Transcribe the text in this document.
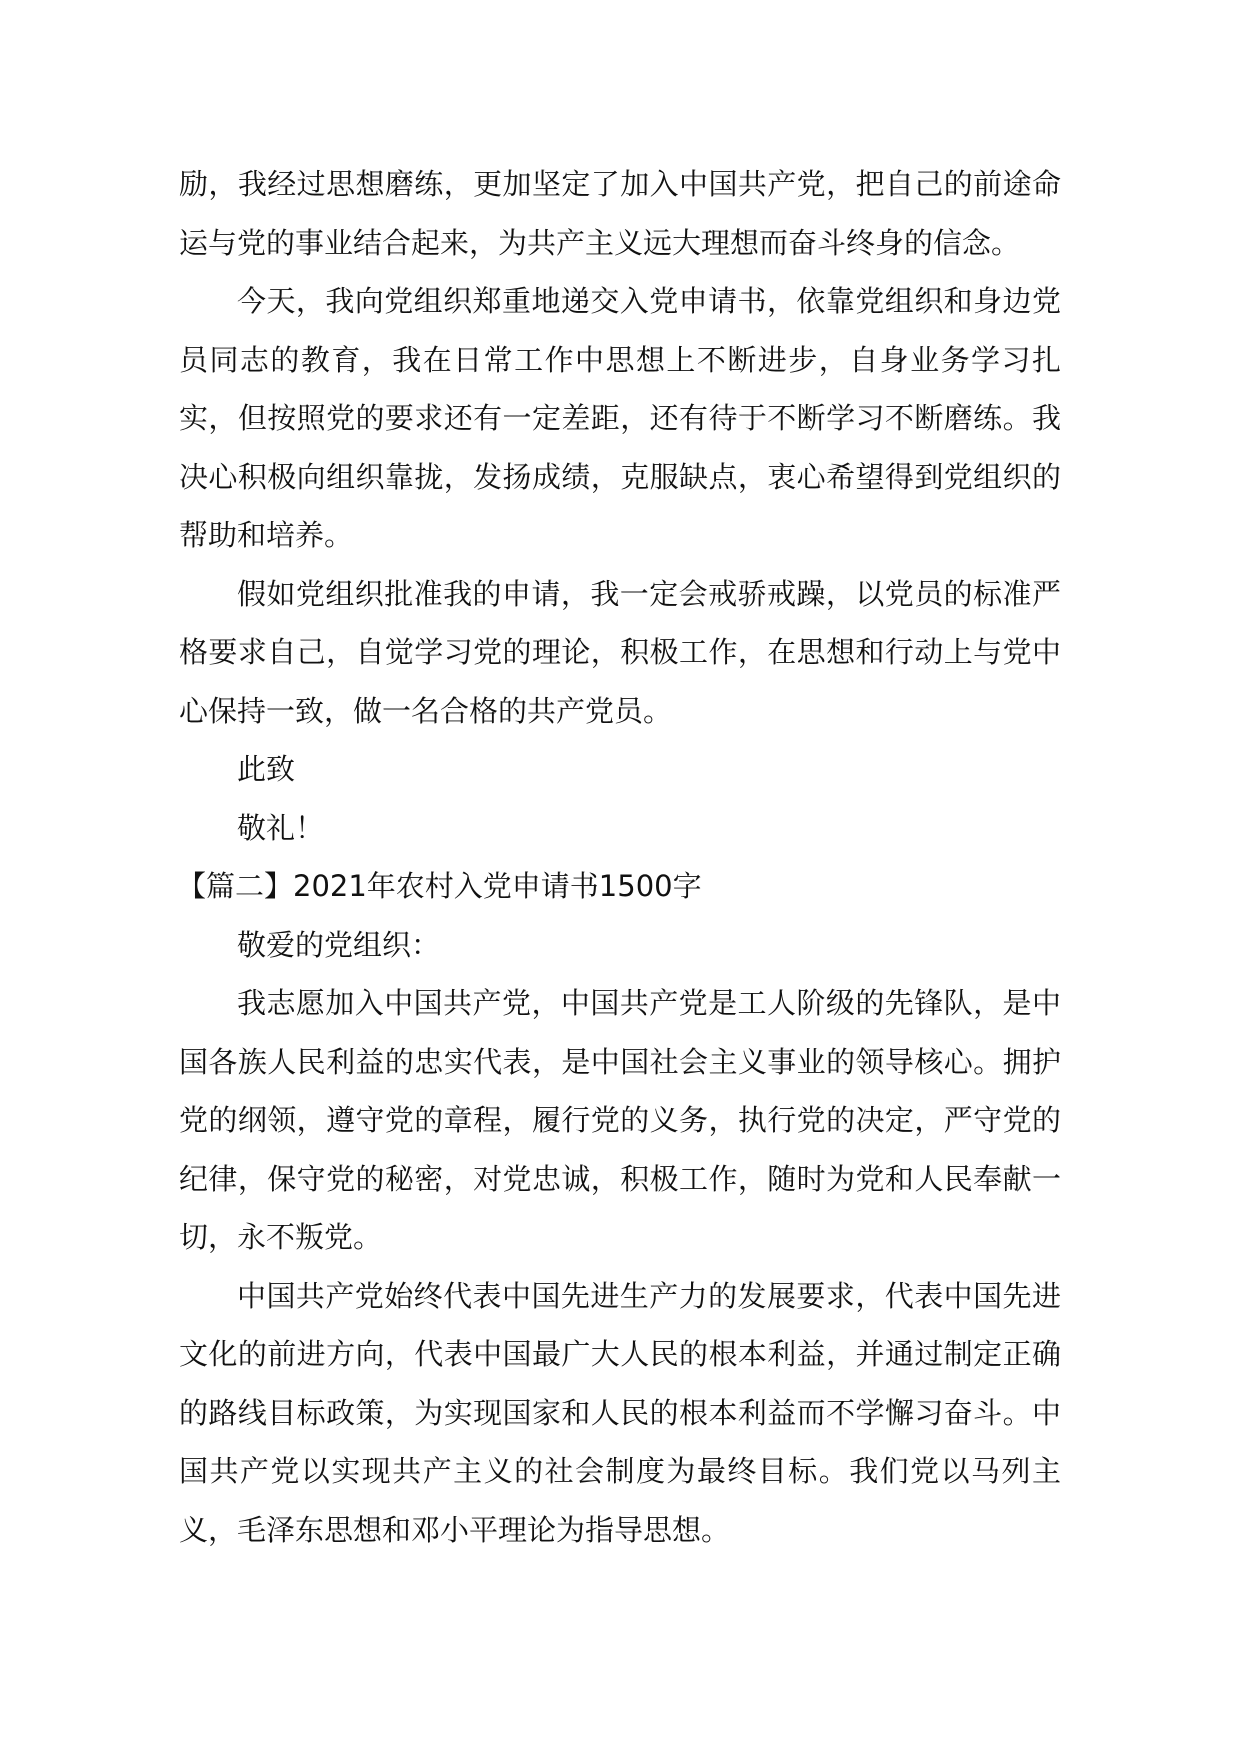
励，我经过思想磨练，更加坚定了加入中国共产党，把自己的前途命运与党的事业结合起来，为共产主义远大理想而奋斗终身的信念。

今天，我向党组织郑重地递交入党申请书，依靠党组织和身边党员同志的教育，我在日常工作中思想上不断进步，自身业务学习扎实，但按照党的要求还有一定差距，还有待于不断学习不断磨练。我决心积极向组织靠拢，发扬成绩，克服缺点，衷心希望得到党组织的帮助和培养。

假如党组织批准我的申请，我一定会戒骄戒躁，以党员的标准严格要求自己，自觉学习党的理论，积极工作，在思想和行动上与党中心保持一致，做一名合格的共产党员。

此致

敬礼！

【篇二】2021年农村入党申请书1500字

敬爱的党组织：

我志愿加入中国共产党，中国共产党是工人阶级的先锋队，是中国各族人民利益的忠实代表，是中国社会主义事业的领导核心。拥护党的纲领，遵守党的章程，履行党的义务，执行党的决定，严守党的纪律，保守党的秘密，对党忠诚，积极工作，随时为党和人民奉献一切，永不叛党。

中国共产党始终代表中国先进生产力的发展要求，代表中国先进文化的前进方向，代表中国最广大人民的根本利益，并通过制定正确的路线目标政策，为实现国家和人民的根本利益而不学懈习奋斗。中国共产党以实现共产主义的社会制度为最终目标。我们党以马列主义，毛泽东思想和邓小平理论为指导思想。
